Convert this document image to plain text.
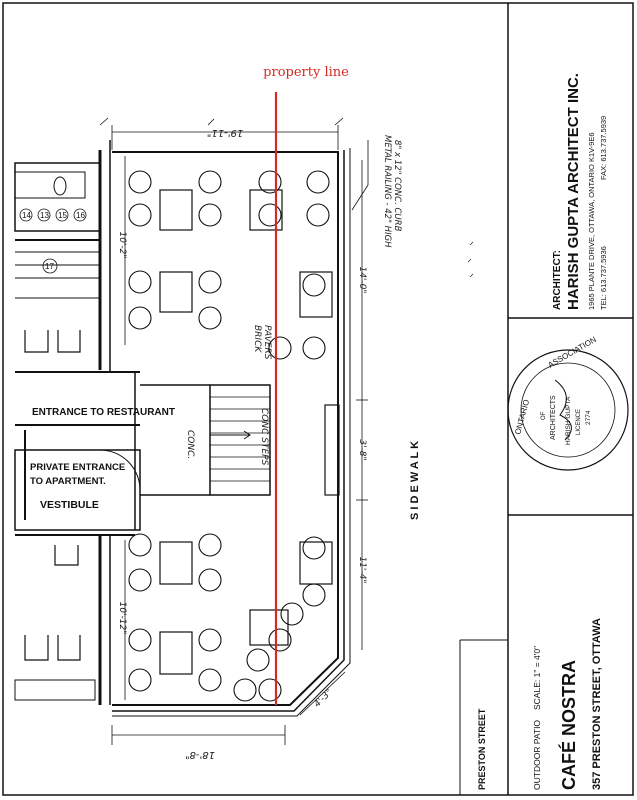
property line
ENTRANCE TO RESTAURANT
PRIVATE ENTRANCE
TO APARTMENT.
VESTIBULE
14 13 15 16
17
S I D E W A L K
BRICK PAVERS
CONC STEPS
CONC.
METAL RAILING - 42" HIGH 8" x 12" CONC. CURB
19'-11"
10'-2"
10'-12"
14'-0"
3'-8"
11'-4"
4'-3"
18'-8"	PRESTON STREET	OUTDOOR PATIO
SCALE: 1" = 4'0" CAFÉ NOSTRA 357 PRESTON STREET, OTTAWA
ARCHITECT: HARISH GUPTA ARCHITECT INC. 1965 PLANTE DRIVE, OTTAWA, ONTARIO K1V-9E6 TEL: 613.737.5936
FAX: 613.737.5939
ASSOCIATION
ONTARIO OF ARCHITECTS HARISH GUPTA LICENCE 2774
